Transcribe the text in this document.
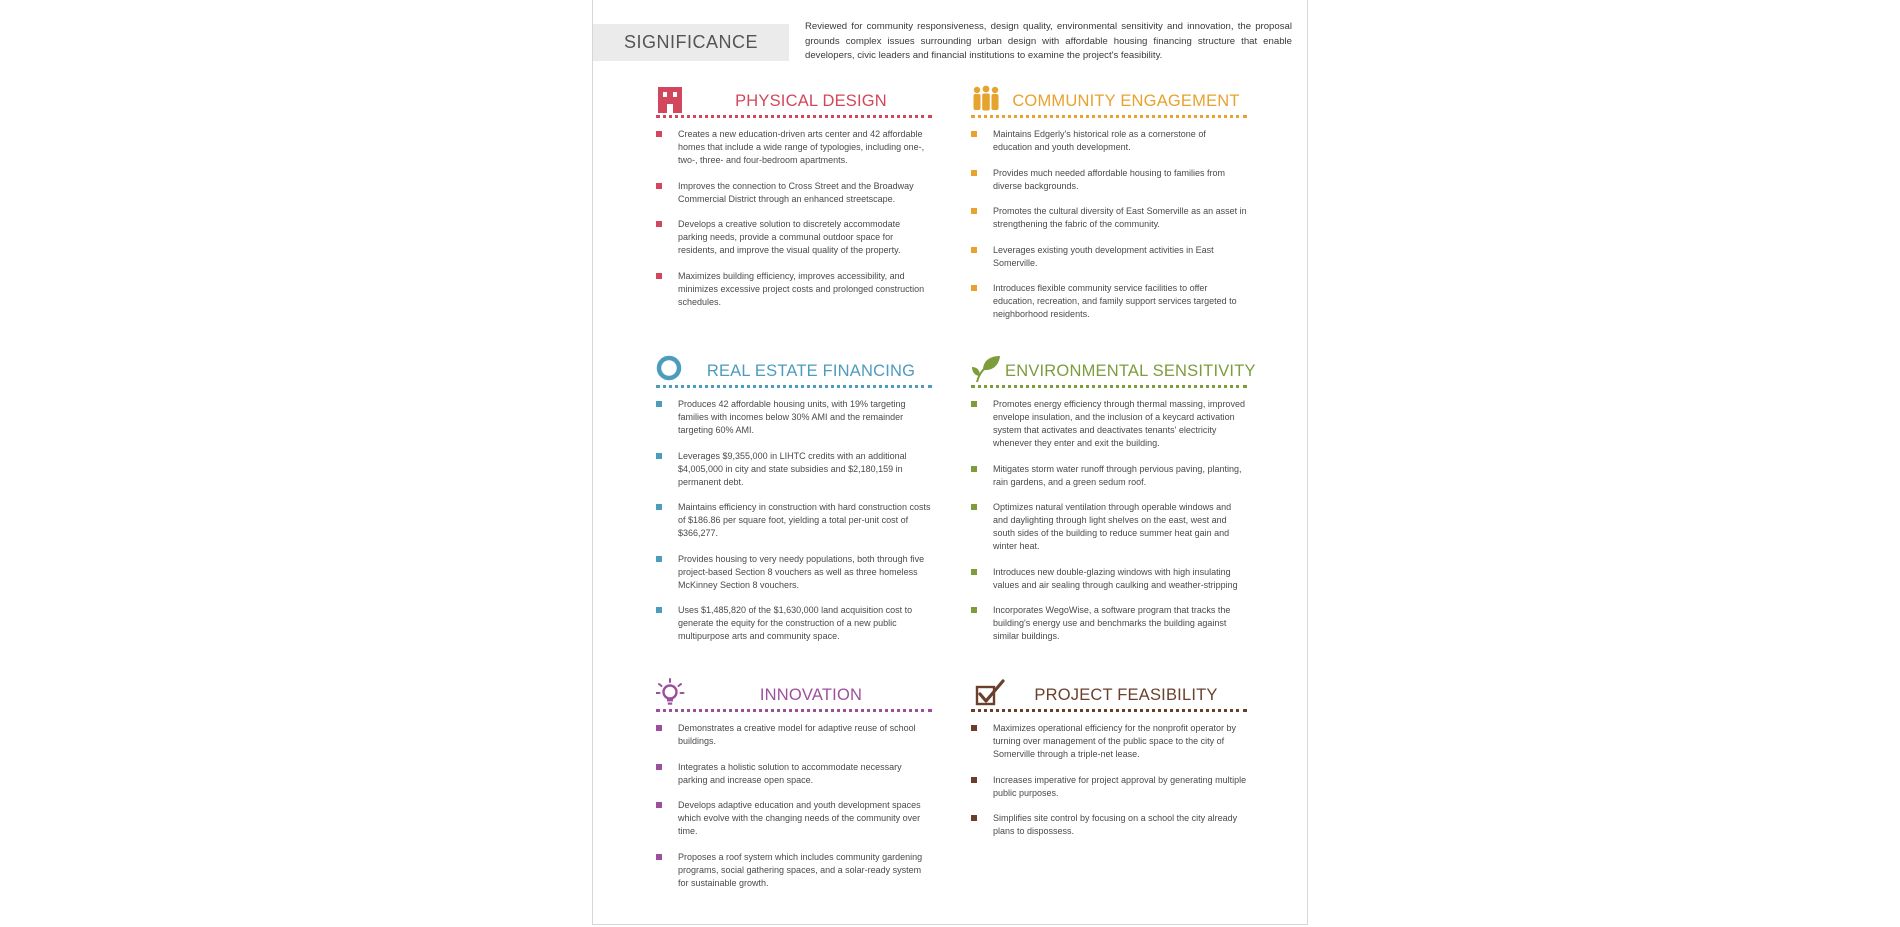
SIGNIFICANCE
Reviewed for community responsiveness, design quality, environmental sensitivity and innovation, the proposal grounds complex issues surrounding urban design with affordable housing financing structure that enable developers, civic leaders and financial institutions to examine the project's feasibility.
PHYSICAL DESIGN
Creates a new education-driven arts center and 42 affordable homes that include a wide range of typologies, including one-, two-, three- and four-bedroom apartments.
Improves the connection to Cross Street and the Broadway Commercial District through an enhanced streetscape.
Develops a creative solution to discretely accommodate parking needs, provide a communal outdoor space for residents, and improve the visual quality of the property.
Maximizes building efficiency, improves accessibility, and minimizes excessive project costs and prolonged construction schedules.
COMMUNITY ENGAGEMENT
Maintains Edgerly's historical role as a cornerstone of education and youth development.
Provides much needed affordable housing to families from diverse backgrounds.
Promotes the cultural diversity of East Somerville as an asset in strengthening the fabric of the community.
Leverages existing youth development activities in East Somerville.
Introduces flexible community service facilities to offer education, recreation, and family support services targeted to neighborhood residents.
REAL ESTATE FINANCING
Produces 42 affordable housing units, with 19% targeting families with incomes below 30% AMI and the remainder targeting 60% AMI.
Leverages $9,355,000 in LIHTC credits with an additional $4,005,000 in city and state subsidies and $2,180,159 in permanent debt.
Maintains efficiency in construction with hard construction costs of $186.86 per square foot, yielding a total per-unit cost of $366,277.
Provides housing to very needy populations, both through five project-based Section 8 vouchers as well as three homeless McKinney Section 8 vouchers.
Uses $1,485,820 of the $1,630,000 land acquisition cost to generate the equity for the construction of a new public multipurpose arts and community space.
ENVIRONMENTAL SENSITIVITY
Promotes energy efficiency through thermal massing, improved envelope insulation, and the inclusion of a keycard activation system that activates and deactivates tenants' electricity whenever they enter and exit the building.
Mitigates storm water runoff through pervious paving, planting, rain gardens, and a green sedum roof.
Optimizes natural ventilation through operable windows and and daylighting through light shelves on the east, west and south sides of the building to reduce summer heat gain and winter heat.
Introduces new double-glazing windows with high insulating values and air sealing through caulking and weather-stripping
Incorporates WegoWise, a software program that tracks the building's energy use and benchmarks the building against similar buildings.
INNOVATION
Demonstrates a creative model for adaptive reuse of school buildings.
Integrates a holistic solution to accommodate necessary parking and increase open space.
Develops adaptive education and youth development spaces which evolve with the changing needs of the community over time.
Proposes a roof system which includes community gardening programs, social gathering spaces, and a solar-ready system for sustainable growth.
PROJECT FEASIBILITY
Maximizes operational efficiency for the nonprofit operator by turning over management of the public space to the city of Somerville through a triple-net lease.
Increases imperative for project approval by generating multiple public purposes.
Simplifies site control by focusing on a school the city already plans to dispossess.
